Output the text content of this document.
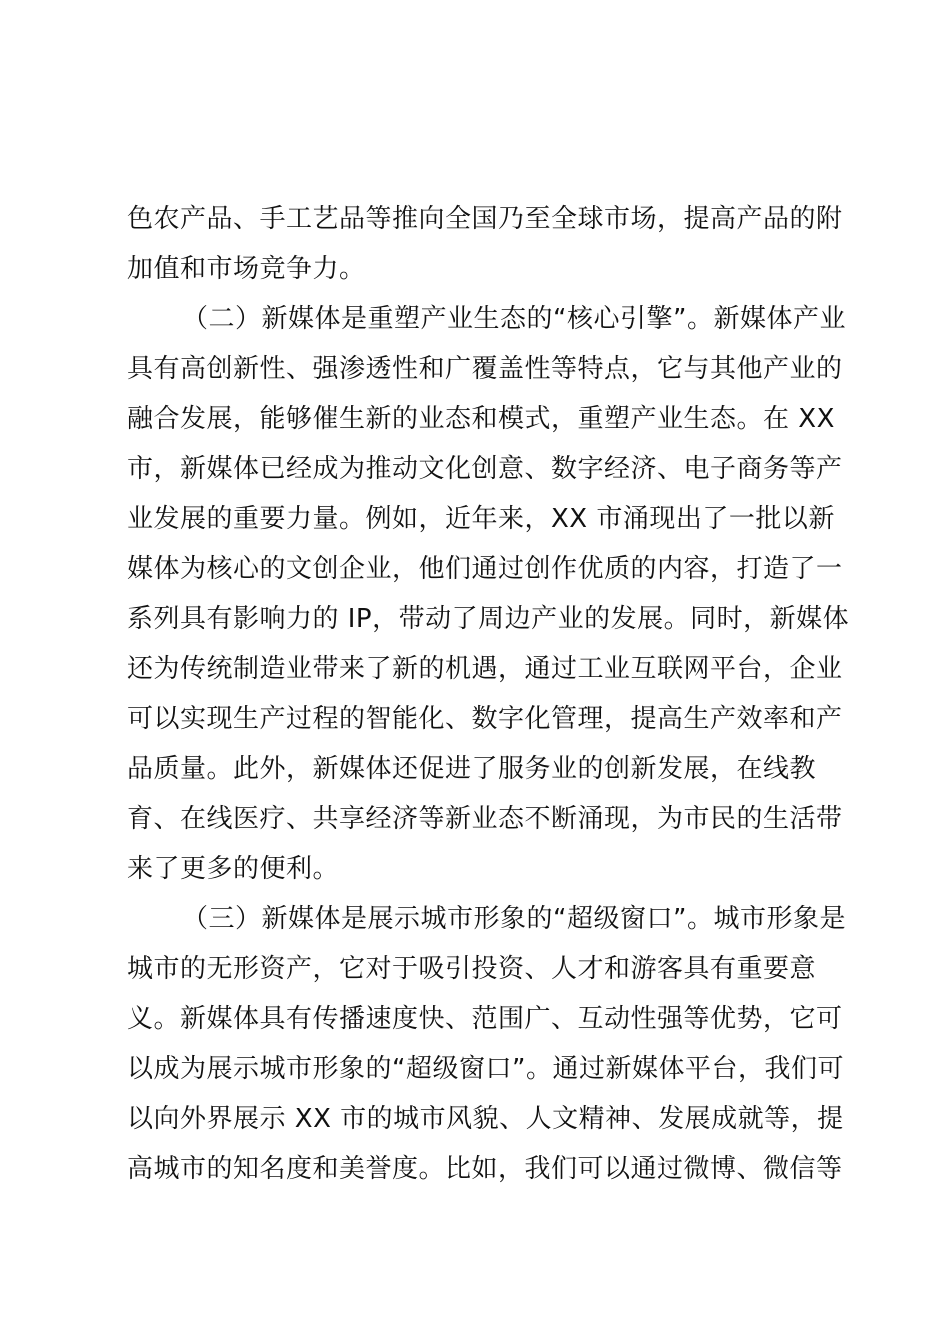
色农产品、手工艺品等推向全国乃至全球市场，提高产品的附
加值和市场竞争力。
（二）新媒体是重塑产业生态的“核心引擎”。新媒体产业
具有高创新性、强渗透性和广覆盖性等特点，它与其他产业的
融合发展，能够催生新的业态和模式，重塑产业生态。在 XX
市，新媒体已经成为推动文化创意、数字经济、电子商务等产
业发展的重要力量。例如，近年来，XX 市涌现出了一批以新
媒体为核心的文创企业，他们通过创作优质的内容，打造了一
系列具有影响力的 IP，带动了周边产业的发展。同时，新媒体
还为传统制造业带来了新的机遇，通过工业互联网平台，企业
可以实现生产过程的智能化、数字化管理，提高生产效率和产
品质量。此外，新媒体还促进了服务业的创新发展，在线教
育、在线医疗、共享经济等新业态不断涌现，为市民的生活带
来了更多的便利。
（三）新媒体是展示城市形象的“超级窗口”。城市形象是
城市的无形资产，它对于吸引投资、人才和游客具有重要意
义。新媒体具有传播速度快、范围广、互动性强等优势，它可
以成为展示城市形象的“超级窗口”。通过新媒体平台，我们可
以向外界展示 XX 市的城市风貌、人文精神、发展成就等，提
高城市的知名度和美誉度。比如，我们可以通过微博、微信等
